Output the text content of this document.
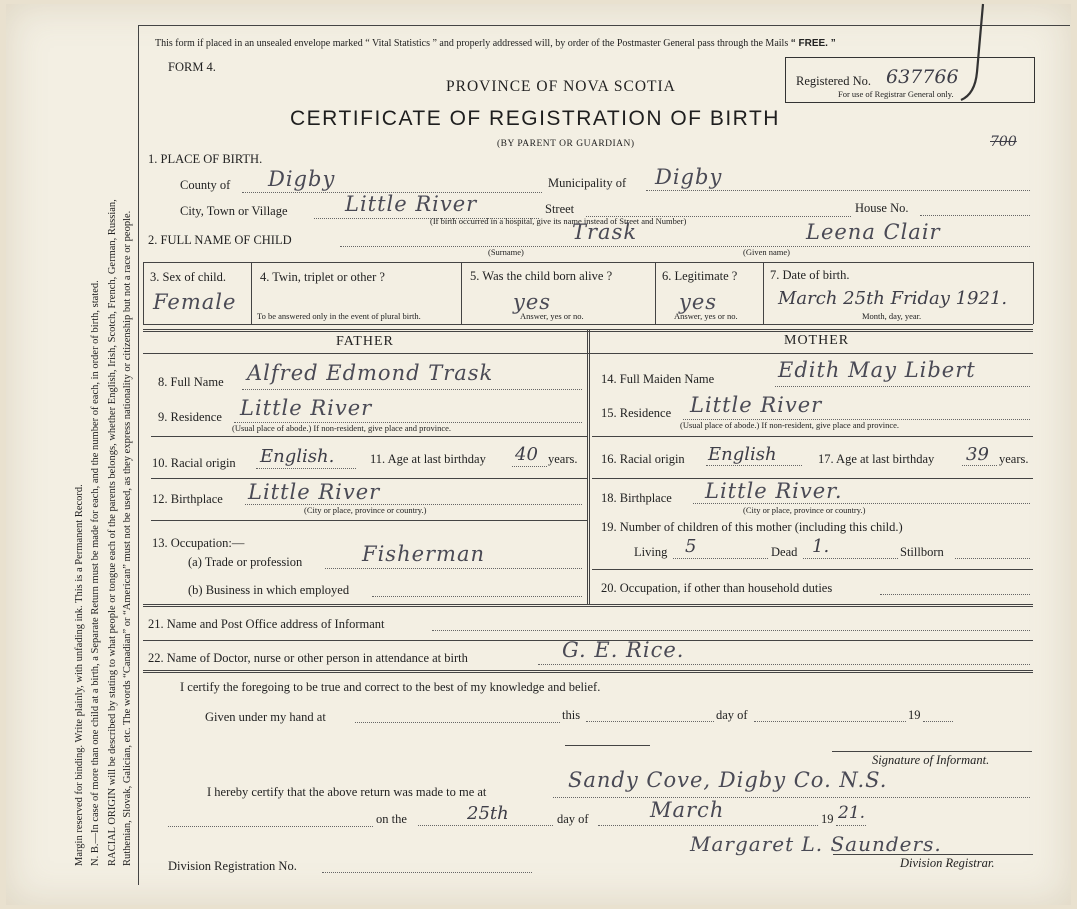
Margin reserved for binding. Write plainly, with unfading ink. This is a Permanent Record. N. B.—In case of more than one child at a birth, a Separate Return must be made for each, and the number of each, in order of birth, stated. RACIAL ORIGIN will be described by stating to what people or tongue each of the parents belongs, whether English, Irish, Scotch, French, German, Russian, Ruthenian, Slovak, Galician, etc. The words “Canadian” or “American” must not be used, as they express nationality or citizenship but not a race or people.
This form if placed in an unsealed envelope marked “ Vital Statistics ” and properly addressed will, by order of the Postmaster General pass through the Mails “ FREE. ”
FORM 4.
PROVINCE OF NOVA SCOTIA
CERTIFICATE OF REGISTRATION OF BIRTH
(BY PARENT OR GUARDIAN)
Registered No. 637766
For use of Registrar General only.
700
1. PLACE OF BIRTH.
County of Digby	Municipality of Digby
City, Town or Village	Little River	Street	House No.
(If birth occurred in a hospital, give its name instead of Street and Number)
2. FULL NAME OF CHILD	Trask	Leena Clair
(Surname)	(Given name)
3. Sex of child.
Female
4. Twin, triplet or other ?
To be answered only in the event of plural birth.
5. Was the child born alive ?
yes
Answer, yes or no.
6. Legitimate ?
yes
Answer, yes or no.
7. Date of birth.
March 25th Friday 1921.
Month, day, year.
FATHER	MOTHER
8. Full Name Alfred Edmond Trask
9. Residence Little River
(Usual place of abode.) If non-resident, give place and province.
10. Racial origin English.	11. Age at last birthday 40 years.
12. Birthplace Little River
(City or place, province or country.)
13. Occupation:—
(a) Trade or profession	Fisherman
(b) Business in which employed
14. Full Maiden Name	Edith May Libert
15. Residence Little River
(Usual place of abode.) If non-resident, give place and province.
16. Racial origin English	17. Age at last birthday 39 years.
18. Birthplace Little River.
(City or place, province or country.)
19. Number of children of this mother (including this child.)
Living 5	Dead 1.	Stillborn
20. Occupation, if other than household duties
21. Name and Post Office address of Informant
22. Name of Doctor, nurse or other person in attendance at birth	G. E. Rice.
I certify the foregoing to be true and correct to the best of my knowledge and belief.
Given under my hand at	this	day of	19
Signature of Informant.
I hereby certify that the above return was made to me at	Sandy Cove, Digby Co. N.S.
on the	25th	day of	March	19 21.
Margaret L. Saunders.
Division Registrar.
Division Registration No.
